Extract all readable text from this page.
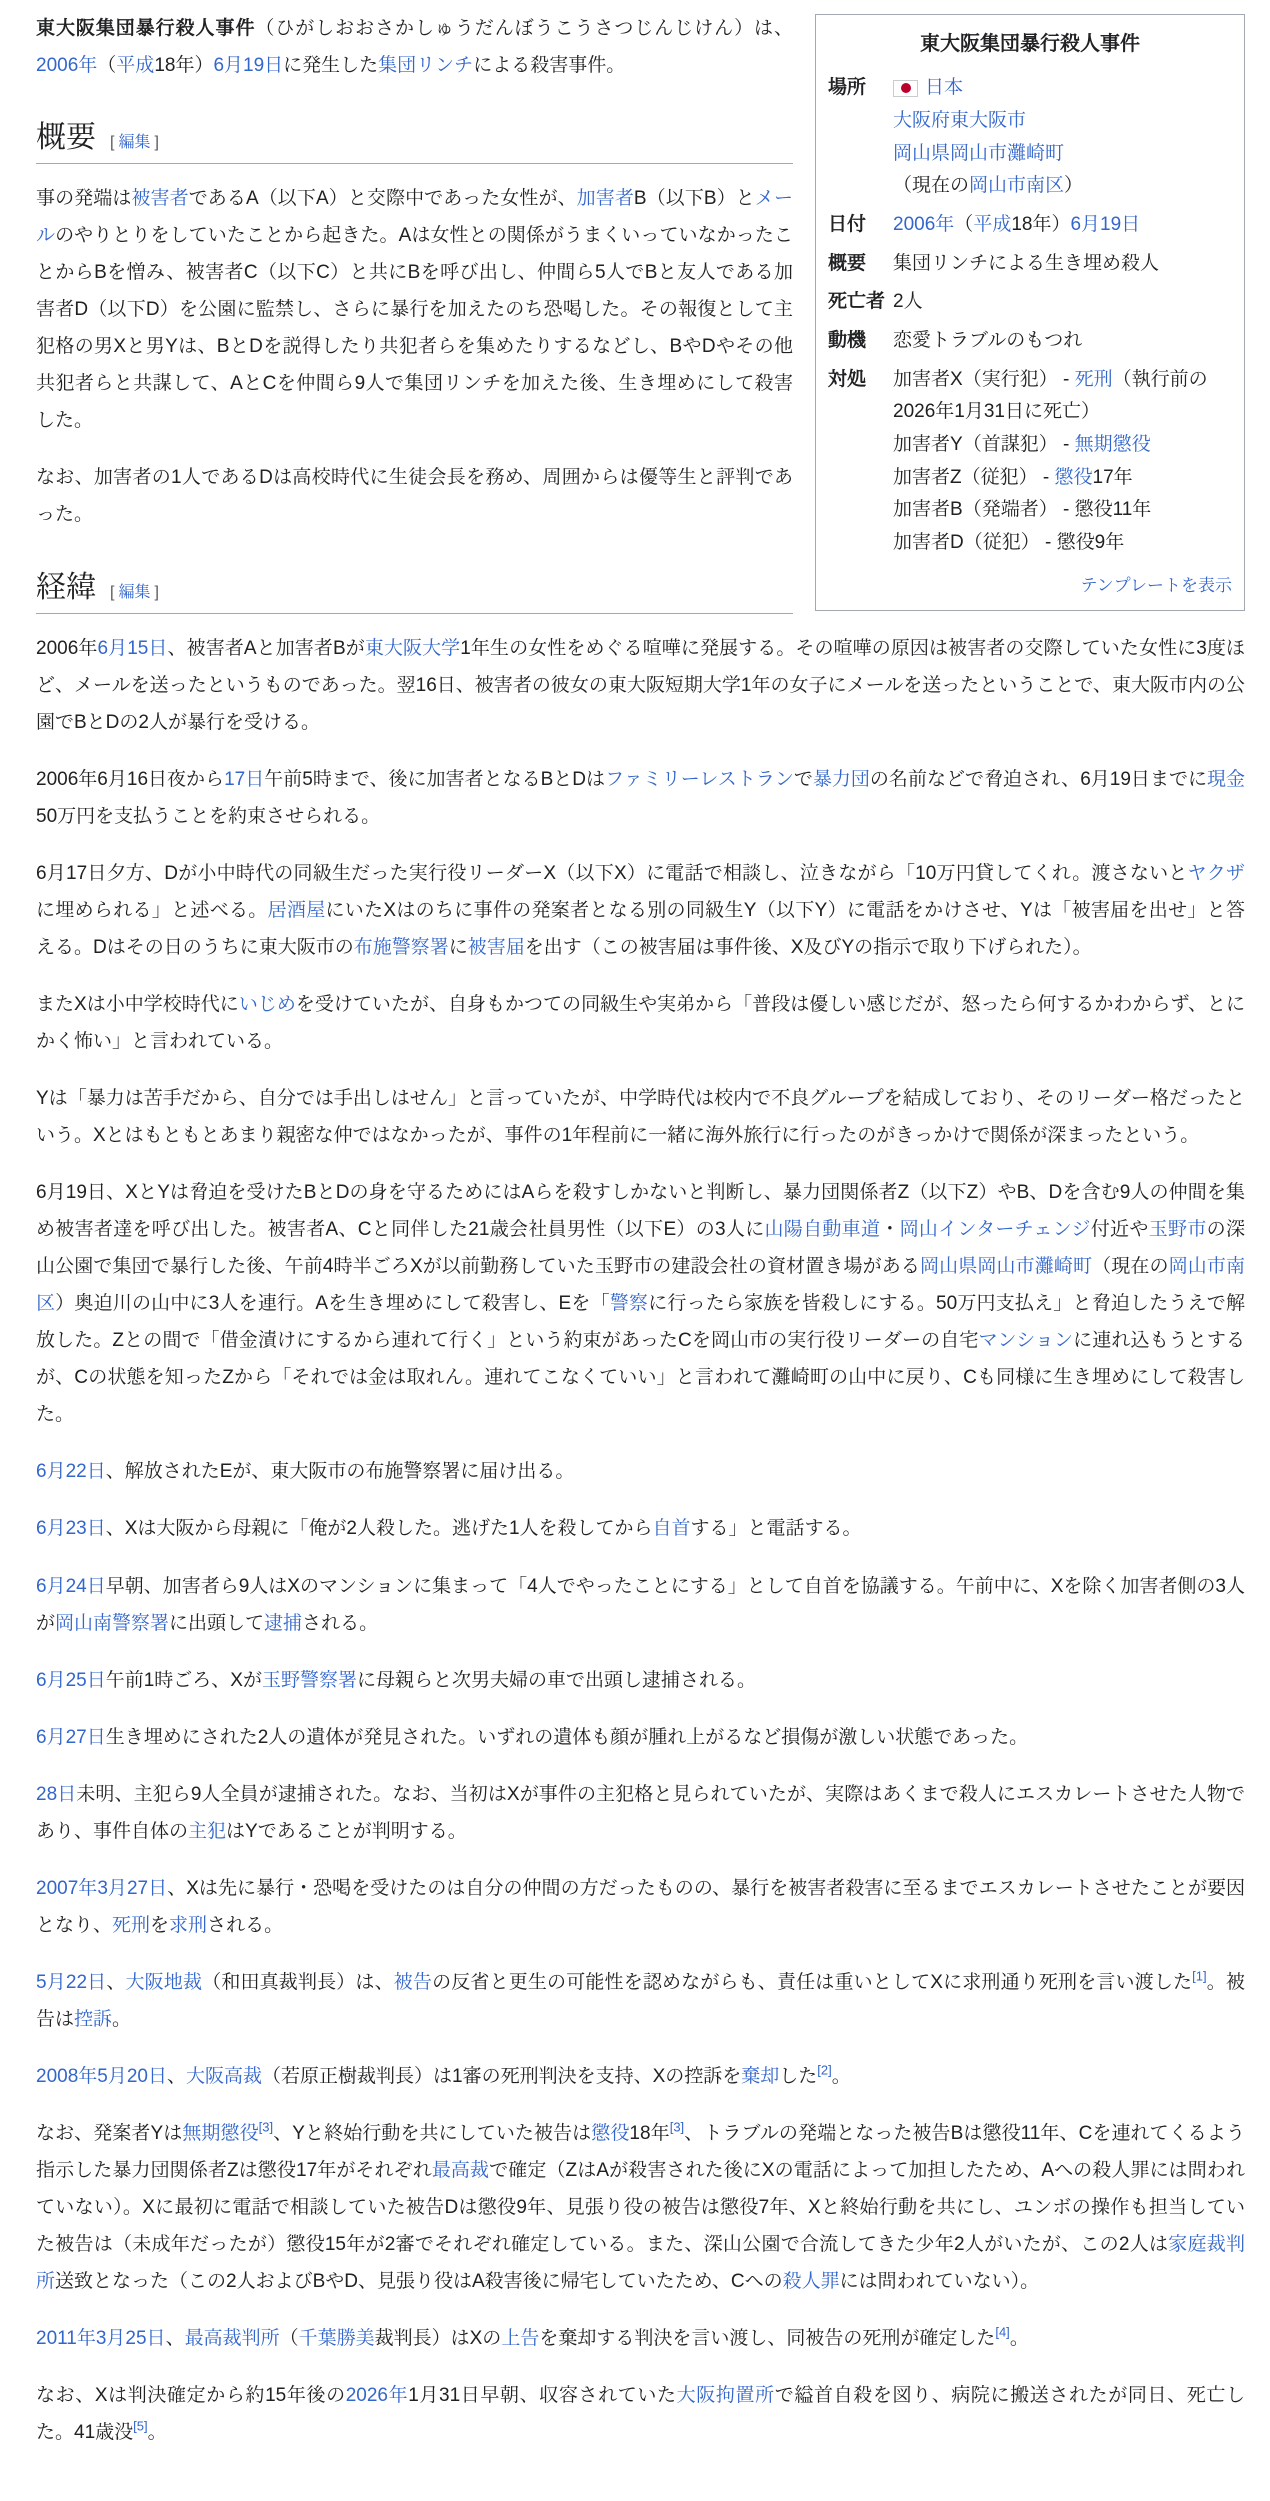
東大阪集団暴行殺人事件	
場所	日本
大阪府東大阪市
岡山県岡山市灘崎町
（現在の岡山市南区）

日付	2006年（平成18年）6月19日

概要	集団リンチによる生き埋め殺人

死亡者	2人

動機	恋愛トラブルのもつれ

対処	加害者X（実行犯） - 死刑（執行前の2026年1月31日に死亡）
加害者Y（首謀犯） - 無期懲役
加害者Z（従犯） - 懲役17年
加害者B（発端者） - 懲役11年
加害者D（従犯） - 懲役9年

テンプレートを表示	

東大阪集団暴行殺人事件（ひがしおおさかしゅうだんぼうこうさつじんじけん）は、2006年（平成18年）6月19日に発生した集団リンチによる殺害事件。

概要 [ 編集 ]

事の発端は被害者であるA（以下A）と交際中であった女性が、加害者B（以下B）とメールのやりとりをしていたことから起きた。Aは女性との関係がうまくいっていなかったことからBを憎み、被害者C（以下C）と共にBを呼び出し、仲間ら5人でBと友人である加害者D（以下D）を公園に監禁し、さらに暴行を加えたのち恐喝した。その報復として主犯格の男Xと男Yは、BとDを説得したり共犯者らを集めたりするなどし、BやDやその他共犯者らと共謀して、AとCを仲間ら9人で集団リンチを加えた後、生き埋めにして殺害した。

なお、加害者の1人であるDは高校時代に生徒会長を務め、周囲からは優等生と評判であった。

経緯 [ 編集 ]

2006年6月15日、被害者Aと加害者Bが東大阪大学1年生の女性をめぐる喧嘩に発展する。その喧嘩の原因は被害者の交際していた女性に3度ほど、メールを送ったというものであった。翌16日、被害者の彼女の東大阪短期大学1年の女子にメールを送ったということで、東大阪市内の公園でBとDの2人が暴行を受ける。

2006年6月16日夜から17日午前5時まで、後に加害者となるBとDはファミリーレストランで暴力団の名前などで脅迫され、6月19日までに現金50万円を支払うことを約束させられる。

6月17日夕方、Dが小中時代の同級生だった実行役リーダーX（以下X）に電話で相談し、泣きながら「10万円貸してくれ。渡さないとヤクザに埋められる」と述べる。居酒屋にいたXはのちに事件の発案者となる別の同級生Y（以下Y）に電話をかけさせ、Yは「被害届を出せ」と答える。Dはその日のうちに東大阪市の布施警察署に被害届を出す（この被害届は事件後、X及びYの指示で取り下げられた）。

またXは小中学校時代にいじめを受けていたが、自身もかつての同級生や実弟から「普段は優しい感じだが、怒ったら何するかわからず、とにかく怖い」と言われている。

Yは「暴力は苦手だから、自分では手出しはせん」と言っていたが、中学時代は校内で不良グループを結成しており、そのリーダー格だったという。Xとはもともとあまり親密な仲ではなかったが、事件の1年程前に一緒に海外旅行に行ったのがきっかけで関係が深まったという。

6月19日、XとYは脅迫を受けたBとDの身を守るためにはAらを殺すしかないと判断し、暴力団関係者Z（以下Z）やB、Dを含む9人の仲間を集め被害者達を呼び出した。被害者A、Cと同伴した21歳会社員男性（以下E）の3人に山陽自動車道・岡山インターチェンジ付近や玉野市の深山公園で集団で暴行した後、午前4時半ごろXが以前勤務していた玉野市の建設会社の資材置き場がある岡山県岡山市灘崎町（現在の岡山市南区）奥迫川の山中に3人を連行。Aを生き埋めにして殺害し、Eを「警察に行ったら家族を皆殺しにする。50万円支払え」と脅迫したうえで解放した。Zとの間で「借金漬けにするから連れて行く」という約束があったCを岡山市の実行役リーダーの自宅マンションに連れ込もうとするが、Cの状態を知ったZから「それでは金は取れん。連れてこなくていい」と言われて灘崎町の山中に戻り、Cも同様に生き埋めにして殺害した。

6月22日、解放されたEが、東大阪市の布施警察署に届け出る。

6月23日、Xは大阪から母親に「俺が2人殺した。逃げた1人を殺してから自首する」と電話する。

6月24日早朝、加害者ら9人はXのマンションに集まって「4人でやったことにする」として自首を協議する。午前中に、Xを除く加害者側の3人が岡山南警察署に出頭して逮捕される。

6月25日午前1時ごろ、Xが玉野警察署に母親らと次男夫婦の車で出頭し逮捕される。

6月27日生き埋めにされた2人の遺体が発見された。いずれの遺体も顔が腫れ上がるなど損傷が激しい状態であった。

28日未明、主犯ら9人全員が逮捕された。なお、当初はXが事件の主犯格と見られていたが、実際はあくまで殺人にエスカレートさせた人物であり、事件自体の主犯はYであることが判明する。

2007年3月27日、Xは先に暴行・恐喝を受けたのは自分の仲間の方だったものの、暴行を被害者殺害に至るまでエスカレートさせたことが要因となり、死刑を求刑される。

5月22日、大阪地裁（和田真裁判長）は、被告の反省と更生の可能性を認めながらも、責任は重いとしてXに求刑通り死刑を言い渡した[1]。被告は控訴。

2008年5月20日、大阪高裁（若原正樹裁判長）は1審の死刑判決を支持、Xの控訴を棄却した[2]。

なお、発案者Yは無期懲役[3]、Yと終始行動を共にしていた被告は懲役18年[3]、トラブルの発端となった被告Bは懲役11年、Cを連れてくるよう指示した暴力団関係者Zは懲役17年がそれぞれ最高裁で確定（ZはAが殺害された後にXの電話によって加担したため、Aへの殺人罪には問われていない）。Xに最初に電話で相談していた被告Dは懲役9年、見張り役の被告は懲役7年、Xと終始行動を共にし、ユンボの操作も担当していた被告は（未成年だったが）懲役15年が2審でそれぞれ確定している。また、深山公園で合流してきた少年2人がいたが、この2人は家庭裁判所送致となった（この2人およびBやD、見張り役はA殺害後に帰宅していたため、Cへの殺人罪には問われていない）。

2011年3月25日、最高裁判所（千葉勝美裁判長）はXの上告を棄却する判決を言い渡し、同被告の死刑が確定した[4]。

なお、Xは判決確定から約15年後の2026年1月31日早朝、収容されていた大阪拘置所で縊首自殺を図り、病院に搬送されたが同日、死亡した。41歳没[5]。
